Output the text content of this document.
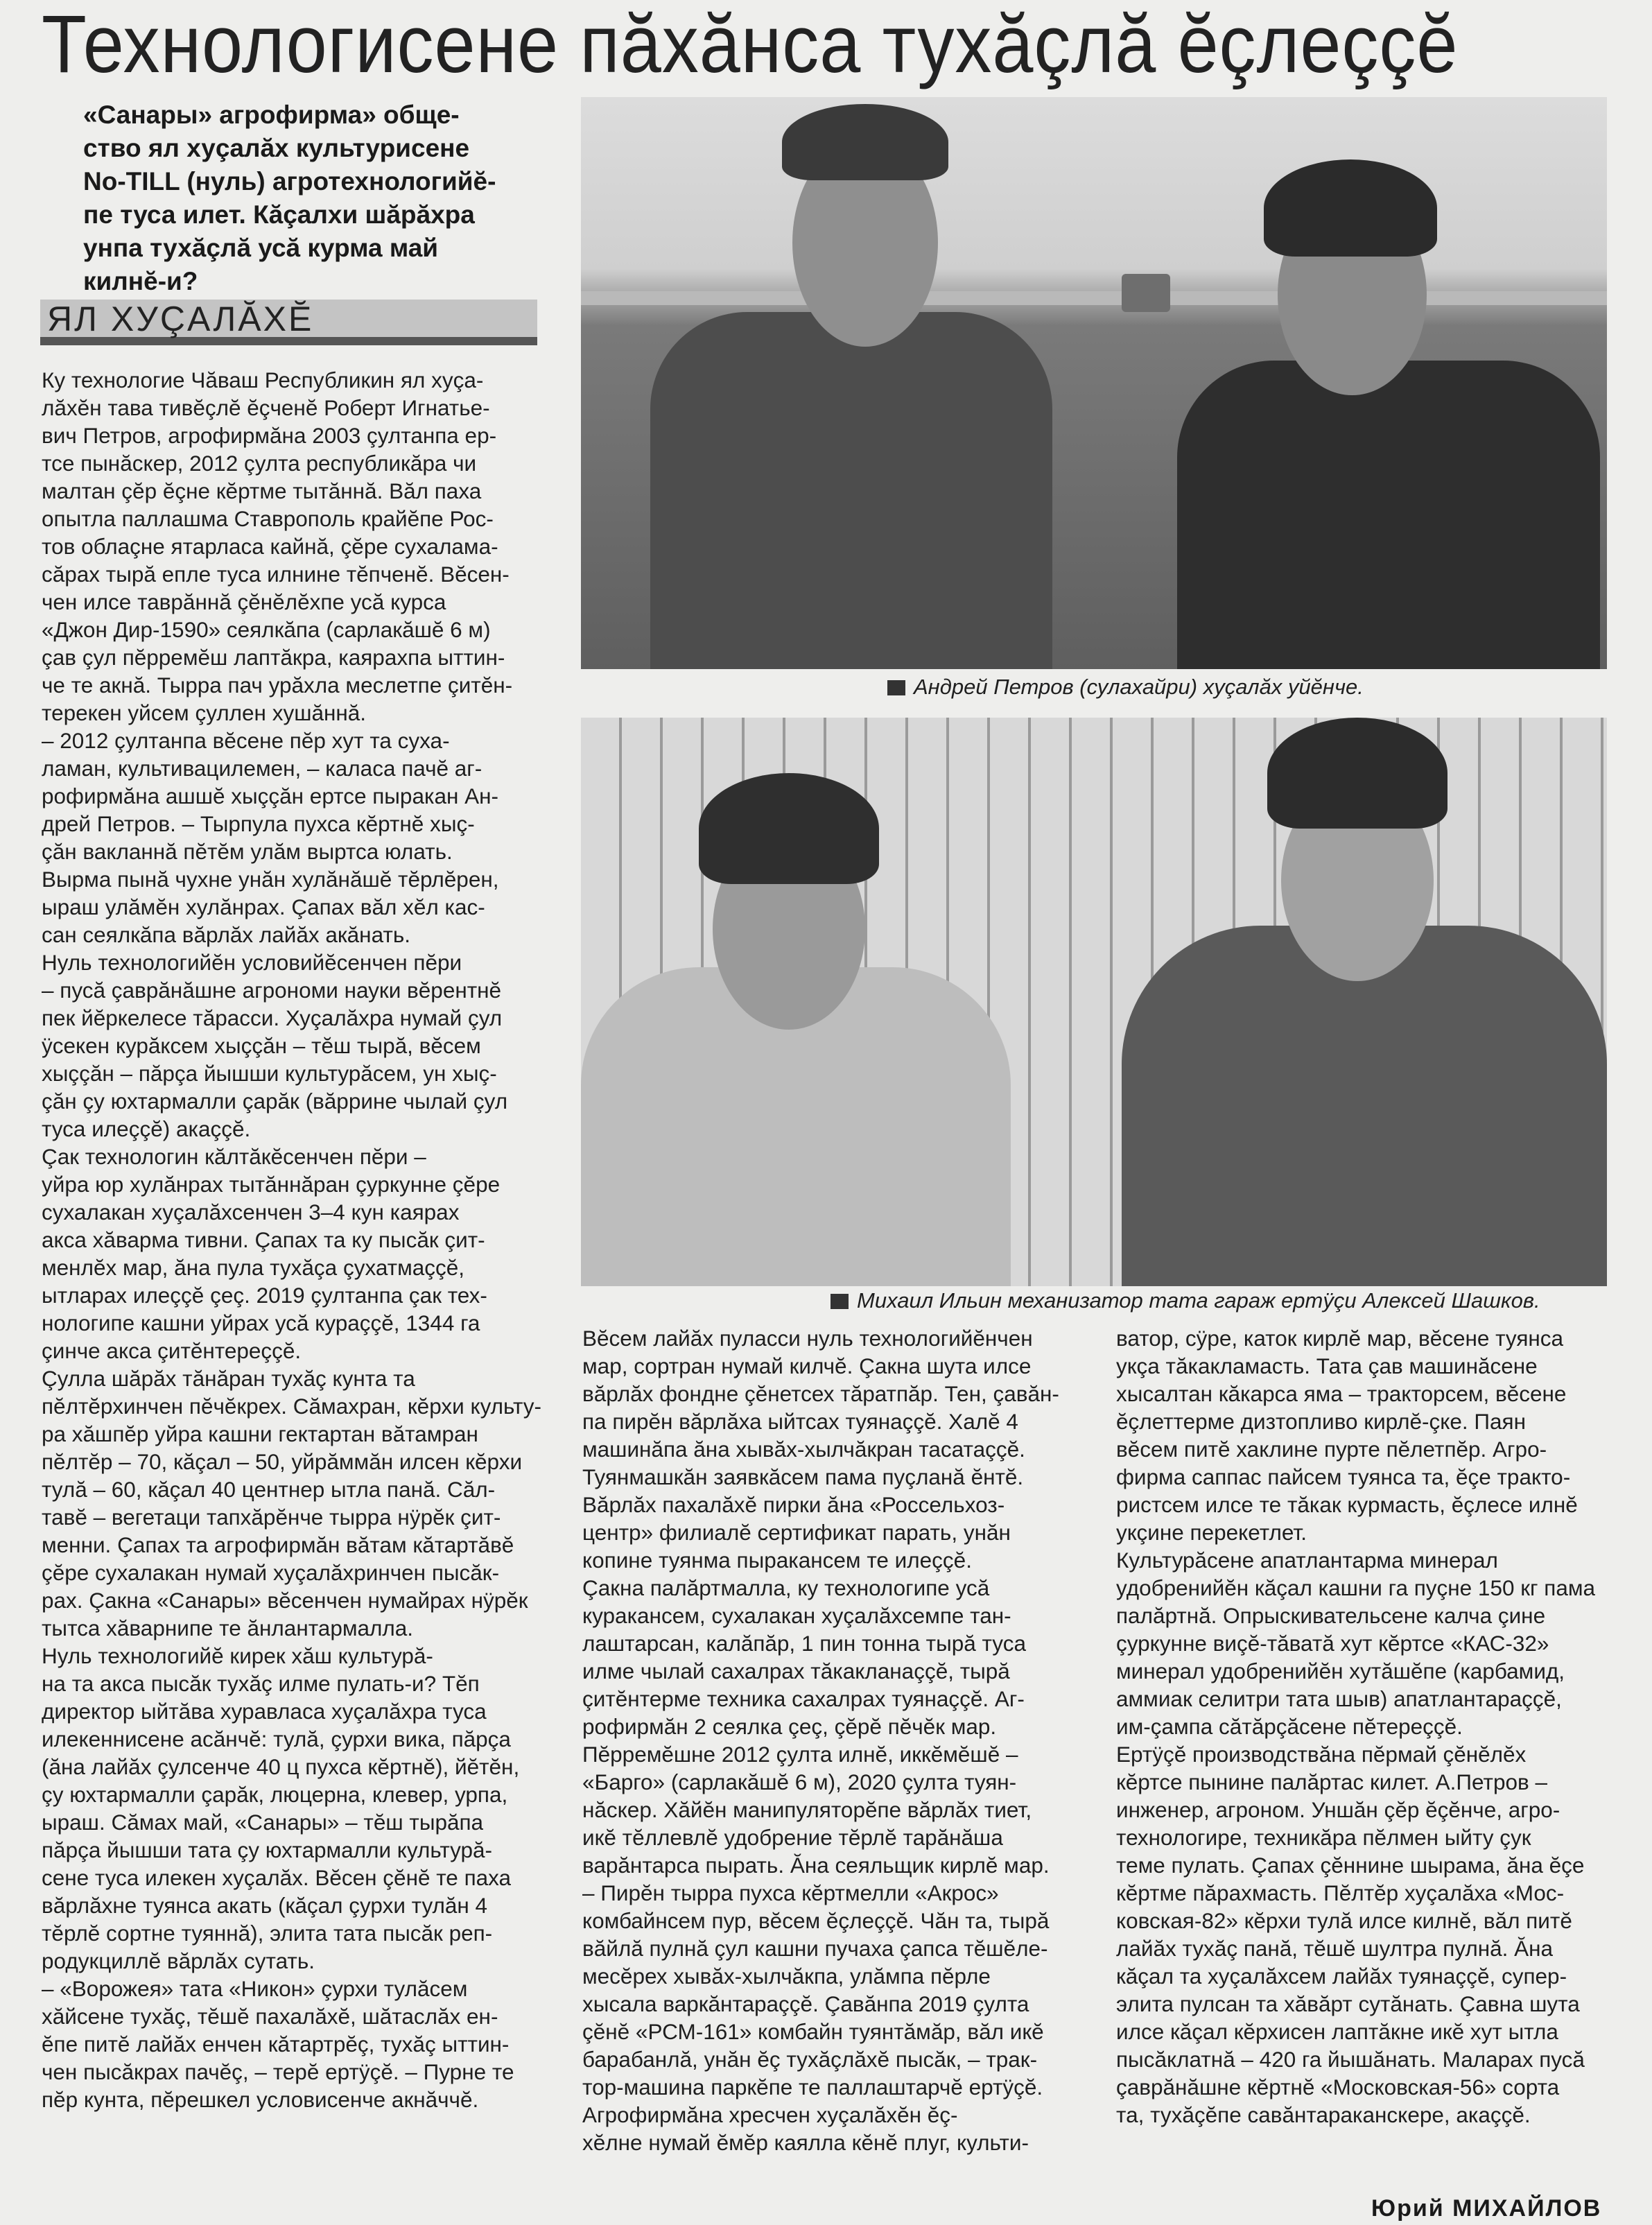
Технологисене пăхăнса тухăçлă ĕçлеççĕ

«Санары» агрофирма» обще-

ство ял хуçалăх культурисене

No-TILL (нуль) агротехнологийĕ-

пе туса илет. Кăçалхи шăрăхра

унпа тухăçлă усă курма май

килнĕ-и?

ЯЛ ХУÇАЛĂХĔ

Ку технологие Чăваш Республикин ял хуçа-

лăхĕн тава тивĕçлĕ ĕçченĕ Роберт Игнатье-

вич Петров, агрофирмăна 2003 çултанпа ер-

тсе пынăскер, 2012 çулта республикăра чи

малтан çĕр ĕçне кĕртме тытăннă. Вăл паха

опытла паллашма Ставрополь крайĕпе Рос-

тов облаçне ятарласа кайнă, çĕре сухалама-

сăрах тырă епле туса илнине тĕпченĕ. Вĕсен-

чен илсе таврăннă çĕнĕлĕхпе усă курса

«Джон Дир-1590» сеялкăпа (сарлакăшĕ 6 м)

çав çул пĕрремĕш лаптăкра, каярахпа ыттин-

че те акнă. Тырра пач урăхла меслетпе çитĕн-

терекен уйсем çуллен хушăннă.

– 2012 çултанпа вĕсене пĕр хут та суха-

ламан, культивацилемен, – каласа пачĕ аг-

рофирмăна ашшĕ хыççăн ертсе пыракан Ан-

дрей Петров. – Тырпула пухса кĕртнĕ хыç-

çăн вакланнă пĕтĕм улăм выртса юлать.

Вырма пынă чухне унăн хулăнăшĕ тĕрлĕрен,

ыраш улăмĕн хулăнрах. Çапах вăл хĕл кас-

сан сеялкăпа вăрлăх лайăх акăнать.

Нуль технологийĕн условийĕсенчен пĕри

– пусă çаврăнăшне агрономи науки вĕрентнĕ

пек йĕркелесе тăрасси. Хуçалăхра нумай çул

ÿсекен курăксем хыççăн – тĕш тырă, вĕсем

хыççăн – пăрçа йышши культурăсем, ун хыç-

çăн çу юхтармалли çарăк (вăррине чылай çул

туса илеççĕ) акаççĕ.

Çак технологин кăлтăкĕсенчен пĕри –

уйра юр хулăнрах тытăннăран çуркунне çĕре

сухалакан хуçалăхсенчен 3–4 кун каярах

акса хăварма тивни. Çапах та ку пысăк çит-

менлĕх мар, ăна пула тухăçа çухатмаççĕ,

ытларах илеççĕ çеç. 2019 çултанпа çак тех-

нологипе кашни уйрах усă кураççĕ, 1344 га

çинче акса çитĕнтереççĕ.

Çулла шăрăх тăнăран тухăç кунта та

пĕлтĕрхинчен пĕчĕкрех. Сăмахран, кĕрхи культу-

ра хăшпĕр уйра кашни гектартан вăтамран

пĕлтĕр – 70, кăçал – 50, уйрăммăн илсен кĕрхи

тулă – 60, кăçал 40 центнер ытла панă. Сăл-

тавĕ – вегетаци тапхăрĕнче тырра нÿрĕк çит-

менни. Çапах та агрофирмăн вăтам кăтартăвĕ

çĕре сухалакан нумай хуçалăхринчен пысăк-

рах. Çакна «Санары» вĕсенчен нумайрах нÿрĕк

тытса хăварнипе те ăнлантармалла.

Нуль технологийĕ кирек хăш культурă-

на та акса пысăк тухăç илме пулать-и? Тĕп

директор ыйтăва хуравласа хуçалăхра туса

илекеннисене асăнчĕ: тулă, çурхи вика, пăрçа

(ăна лайăх çулсенче 40 ц пухса кĕртнĕ), йĕтĕн,

çу юхтармалли çарăк, люцерна, клевер, урпа,

ыраш. Сăмах май, «Санары» – тĕш тырăпа

пăрçа йышши тата çу юхтармалли культурă-

сене туса илекен хуçалăх. Вĕсен çĕнĕ те паха

вăрлăхне туянса акать (кăçал çурхи тулăн 4

тĕрлĕ сортне туяннă), элита тата пысăк реп-

родукциллĕ вăрлăх сутать.

– «Ворожея» тата «Никон» çурхи тулăсем

хăйсене тухăç, тĕшĕ пахалăхĕ, шăтаслăх ен-

ĕпе питĕ лайăх енчен кăтартрĕç, тухăç ыттин-

чен пысăкрах пачĕç, – терĕ ертÿçĕ. – Пурне те

пĕр кунта, пĕрешкел условисенче акнăччĕ.

Андрей Петров (сулахайри) хуçалăх уйĕнче.
Михаил Ильин механизатор тата гараж ертÿçи Алексей Шашков.

Вĕсем лайăх пуласси нуль технологийĕнчен

мар, сортран нумай килчĕ. Çакна шута илсе

вăрлăх фондне çĕнетсех тăратпăр. Тен, çавăн-

па пирĕн вăрлăха ыйтсах туянаççĕ. Халĕ 4

машинăпа ăна хывăх-хылчăкран тасатаççĕ.

Туянмашкăн заявкăсем пама пуçланă ĕнтĕ.

Вăрлăх пахалăхĕ пирки ăна «Россельхоз-

центр» филиалĕ сертификат парать, унăн

копине туянма пыракансем те илеççĕ.

Çакна палăртмалла, ку технологипе усă

куракансем, сухалакан хуçалăхсемпе тан-

лаштарсан, калăпăр, 1 пин тонна тырă туса

илме чылай сахалрах тăкакланаççĕ, тырă

çитĕнтерме техника сахалрах туянаççĕ. Аг-

рофирмăн 2 сеялка çеç, çĕрĕ пĕчĕк мар.

Пĕрремĕшне 2012 çулта илнĕ, иккĕмĕшĕ –

«Барго» (сарлакăшĕ 6 м), 2020 çулта туян-

нăскер. Хăйĕн манипуляторĕпе вăрлăх тиет,

икĕ тĕллевлĕ удобрение тĕрлĕ тарăнăша

варăнтарса пырать. Ăна сеяльщик кирлĕ мар.

– Пирĕн тырра пухса кĕртмелли «Акрос»

комбайнсем пур, вĕсем ĕçлеççĕ. Чăн та, тырă

вăйлă пулнă çул кашни пучаха çапса тĕшĕле-

месĕрех хывăх-хылчăкпа, улăмпа пĕрле

хысала варкăнтараççĕ. Çавăнпа 2019 çулта

çĕнĕ «РСМ-161» комбайн туянтăмăр, вăл икĕ

барабанлă, унăн ĕç тухăçлăхĕ пысăк, – трак-

тор-машина паркĕпе те паллаштарчĕ ертÿçĕ.

Агрофирмăна хресчен хуçалăхĕн ĕç-

хĕлне нумай ĕмĕр каялла кĕнĕ плуг, культи-

ватор, сÿре, каток кирлĕ мар, вĕсене туянса

укça тăкакламасть. Тата çав машинăсене

хысалтан кăкарса яма – тракторсем, вĕсене

ĕçлеттерме дизтопливо кирлĕ-çке. Паян

вĕсем питĕ хаклине пурте пĕлетпĕр. Агро-

фирма саппас пайсем туянса та, ĕçе тракто-

ристсем илсе те тăкак курмасть, ĕçлесе илнĕ

укçине перекетлет.

Культурăсене апатлантарма минерал

удобренийĕн кăçал кашни га пуçне 150 кг пама

палăртнă. Опрыскивательсене калча çине

çуркунне виçĕ-тăватă хут кĕртсе «КАС-32»

минерал удобренийĕн хутăшĕпе (карбамид,

аммиак селитри тата шыв) апатлантараççĕ,

им-çампа сăтăрçăсене пĕтереççĕ.

Ертÿçĕ производствăна пĕрмай çĕнĕлĕх

кĕртсе пынине палăртас килет. А.Петров –

инженер, агроном. Уншăн çĕр ĕçĕнче, агро-

технологире, техникăра пĕлмен ыйту çук

теме пулать. Çапах çĕннине шырама, ăна ĕçе

кĕртме пăрахмасть. Пĕлтĕр хуçалăха «Мос-

ковская-82» кĕрхи тулă илсе килнĕ, вăл питĕ

лайăх тухăç панă, тĕшĕ шултра пулнă. Ăна

кăçал та хуçалăхсем лайăх туянаççĕ, супер-

элита пулсан та хăвăрт сутăнать. Çавна шута

илсе кăçал кĕрхисен лаптăкне икĕ хут ытла

пысăклатнă – 420 га йышăнать. Маларах пусă

çаврăнăшне кĕртнĕ «Московская-56» сорта

та, тухăçĕпе савăнтараканскере, акаççĕ.

Юрий МИХАЙЛОВ
